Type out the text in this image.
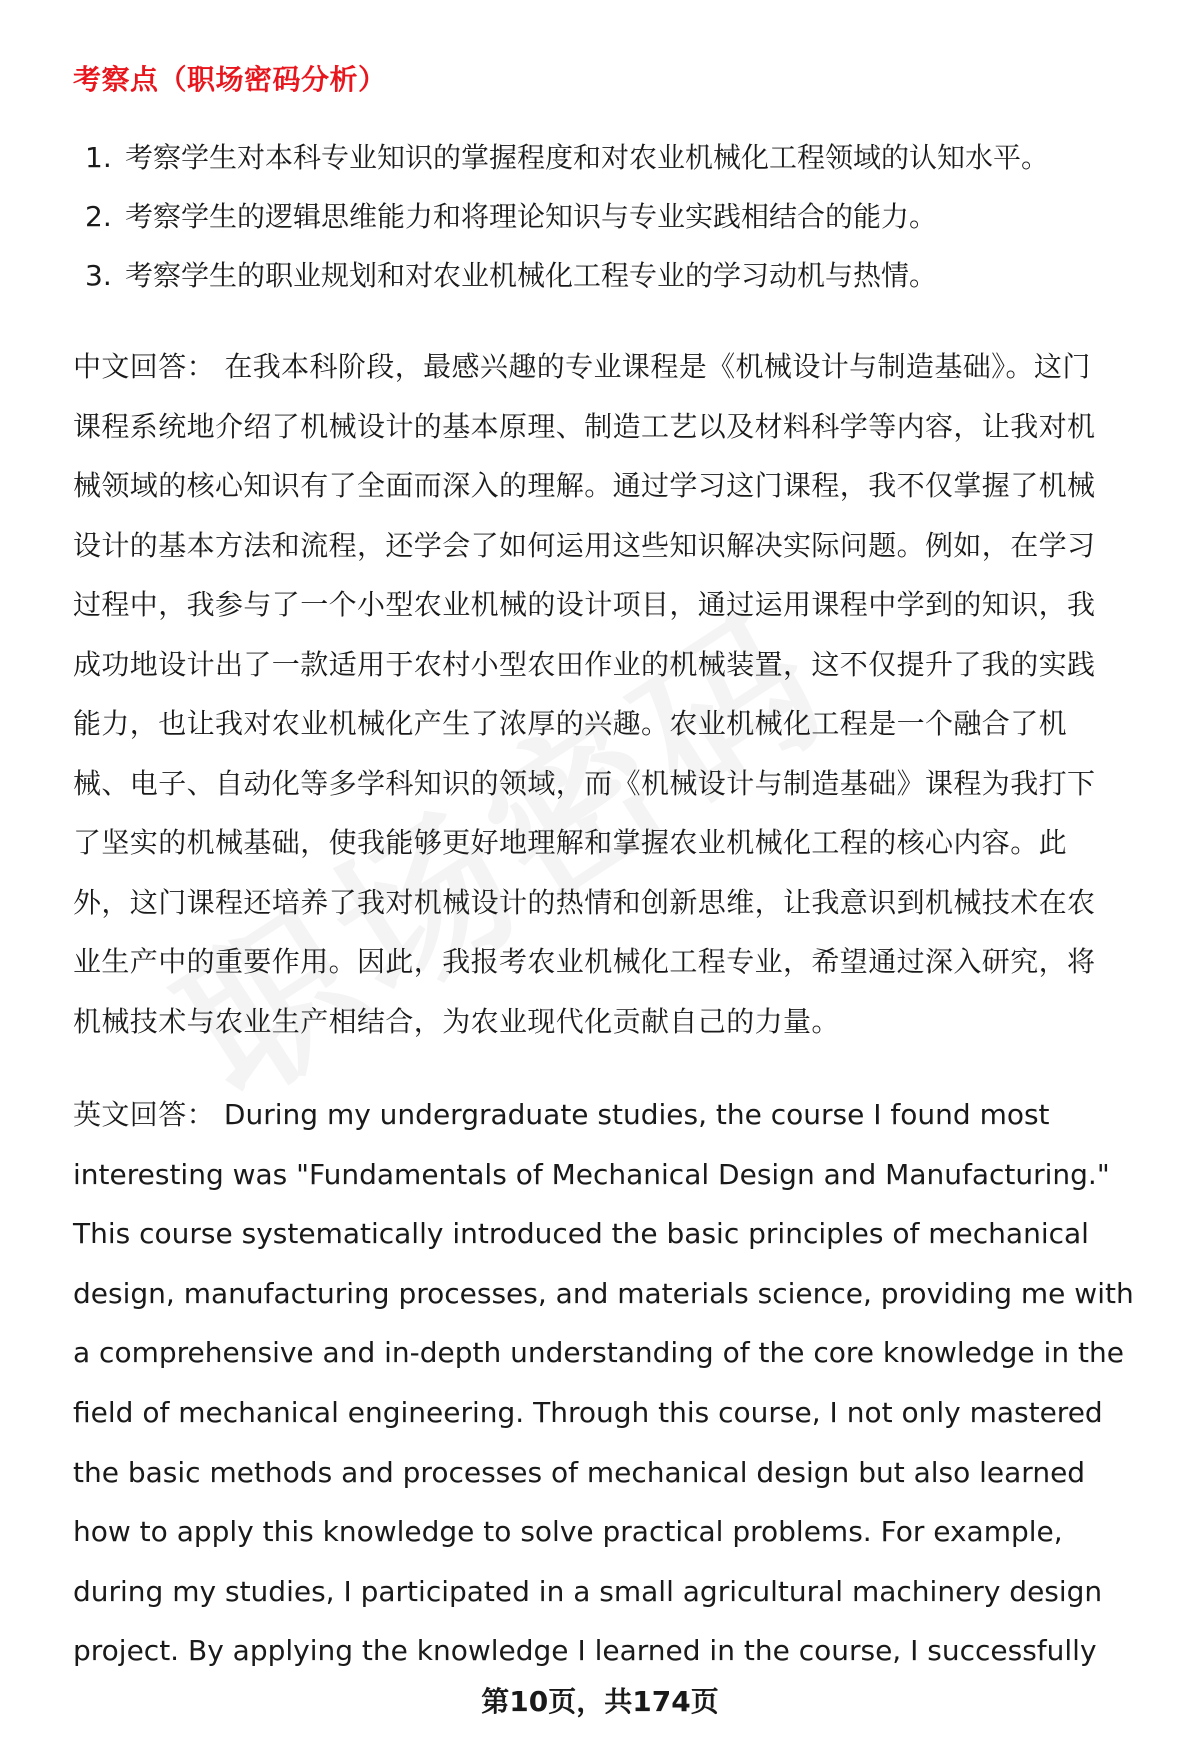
考察点（职场密码分析）
1. 考察学生对本科专业知识的掌握程度和对农业机械化工程领域的认知水平。
2. 考察学生的逻辑思维能力和将理论知识与专业实践相结合的能力。
3. 考察学生的职业规划和对农业机械化工程专业的学习动机与热情。
中文回答： 在我本科阶段，最感兴趣的专业课程是《机械设计与制造基础》。这门
课程系统地介绍了机械设计的基本原理、制造工艺以及材料科学等内容，让我对机
械领域的核心知识有了全面而深入的理解。通过学习这门课程，我不仅掌握了机械
设计的基本方法和流程，还学会了如何运用这些知识解决实际问题。例如，在学习
过程中，我参与了一个小型农业机械的设计项目，通过运用课程中学到的知识，我
成功地设计出了一款适用于农村小型农田作业的机械装置，这不仅提升了我的实践
能力，也让我对农业机械化产生了浓厚的兴趣。农业机械化工程是一个融合了机
械、电子、自动化等多学科知识的领域，而《机械设计与制造基础》课程为我打下
了坚实的机械基础，使我能够更好地理解和掌握农业机械化工程的核心内容。此
外，这门课程还培养了我对机械设计的热情和创新思维，让我意识到机械技术在农
业生产中的重要作用。因此，我报考农业机械化工程专业，希望通过深入研究，将
机械技术与农业生产相结合，为农业现代化贡献自己的力量。
英文回答： During my undergraduate studies, the course I found most
interesting was "Fundamentals of Mechanical Design and Manufacturing."
This course systematically introduced the basic principles of mechanical
design, manufacturing processes, and materials science, providing me with
a comprehensive and in-depth understanding of the core knowledge in the
field of mechanical engineering. Through this course, I not only mastered
the basic methods and processes of mechanical design but also learned
how to apply this knowledge to solve practical problems. For example,
during my studies, I participated in a small agricultural machinery design
project. By applying the knowledge I learned in the course, I successfully
第10页，共174页
